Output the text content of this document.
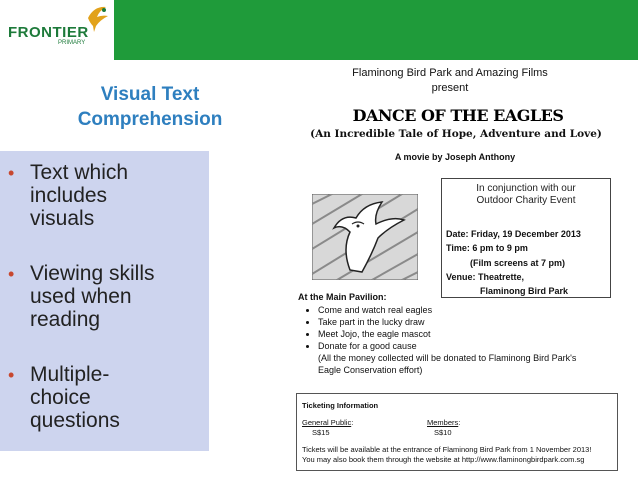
FRONTIER
PRIMARY
Visual Text
Comprehension
• Text which
includes
visuals
• Viewing skills
used when
reading
• Multiple-
choice
questions
Flaminong Bird Park and Amazing Films
present
DANCE OF THE EAGLES
(An Incredible Tale of Hope, Adventure and Love)
A movie by Joseph Anthony
In conjunction with our
Outdoor Charity Event
Date: Friday, 19 December 2013
Time: 6 pm to 9 pm
(Film screens at 7 pm)
Venue: Theatrette,
Flaminong Bird Park
At the Main Pavilion:
• Come and watch real eagles
• Take part in the lucky draw
• Meet Jojo, the eagle mascot
• Donate for a good cause
(All the money collected will be donated to Flaminong Bird Park's
Eagle Conservation effort)
Ticketing Information
General Public:
S$15
Members:
S$10
Tickets will be available at the entrance of Flaminong Bird Park from 1 November 2013!
You may also book them through the website at http://www.flaminongbirdpark.com.sg
